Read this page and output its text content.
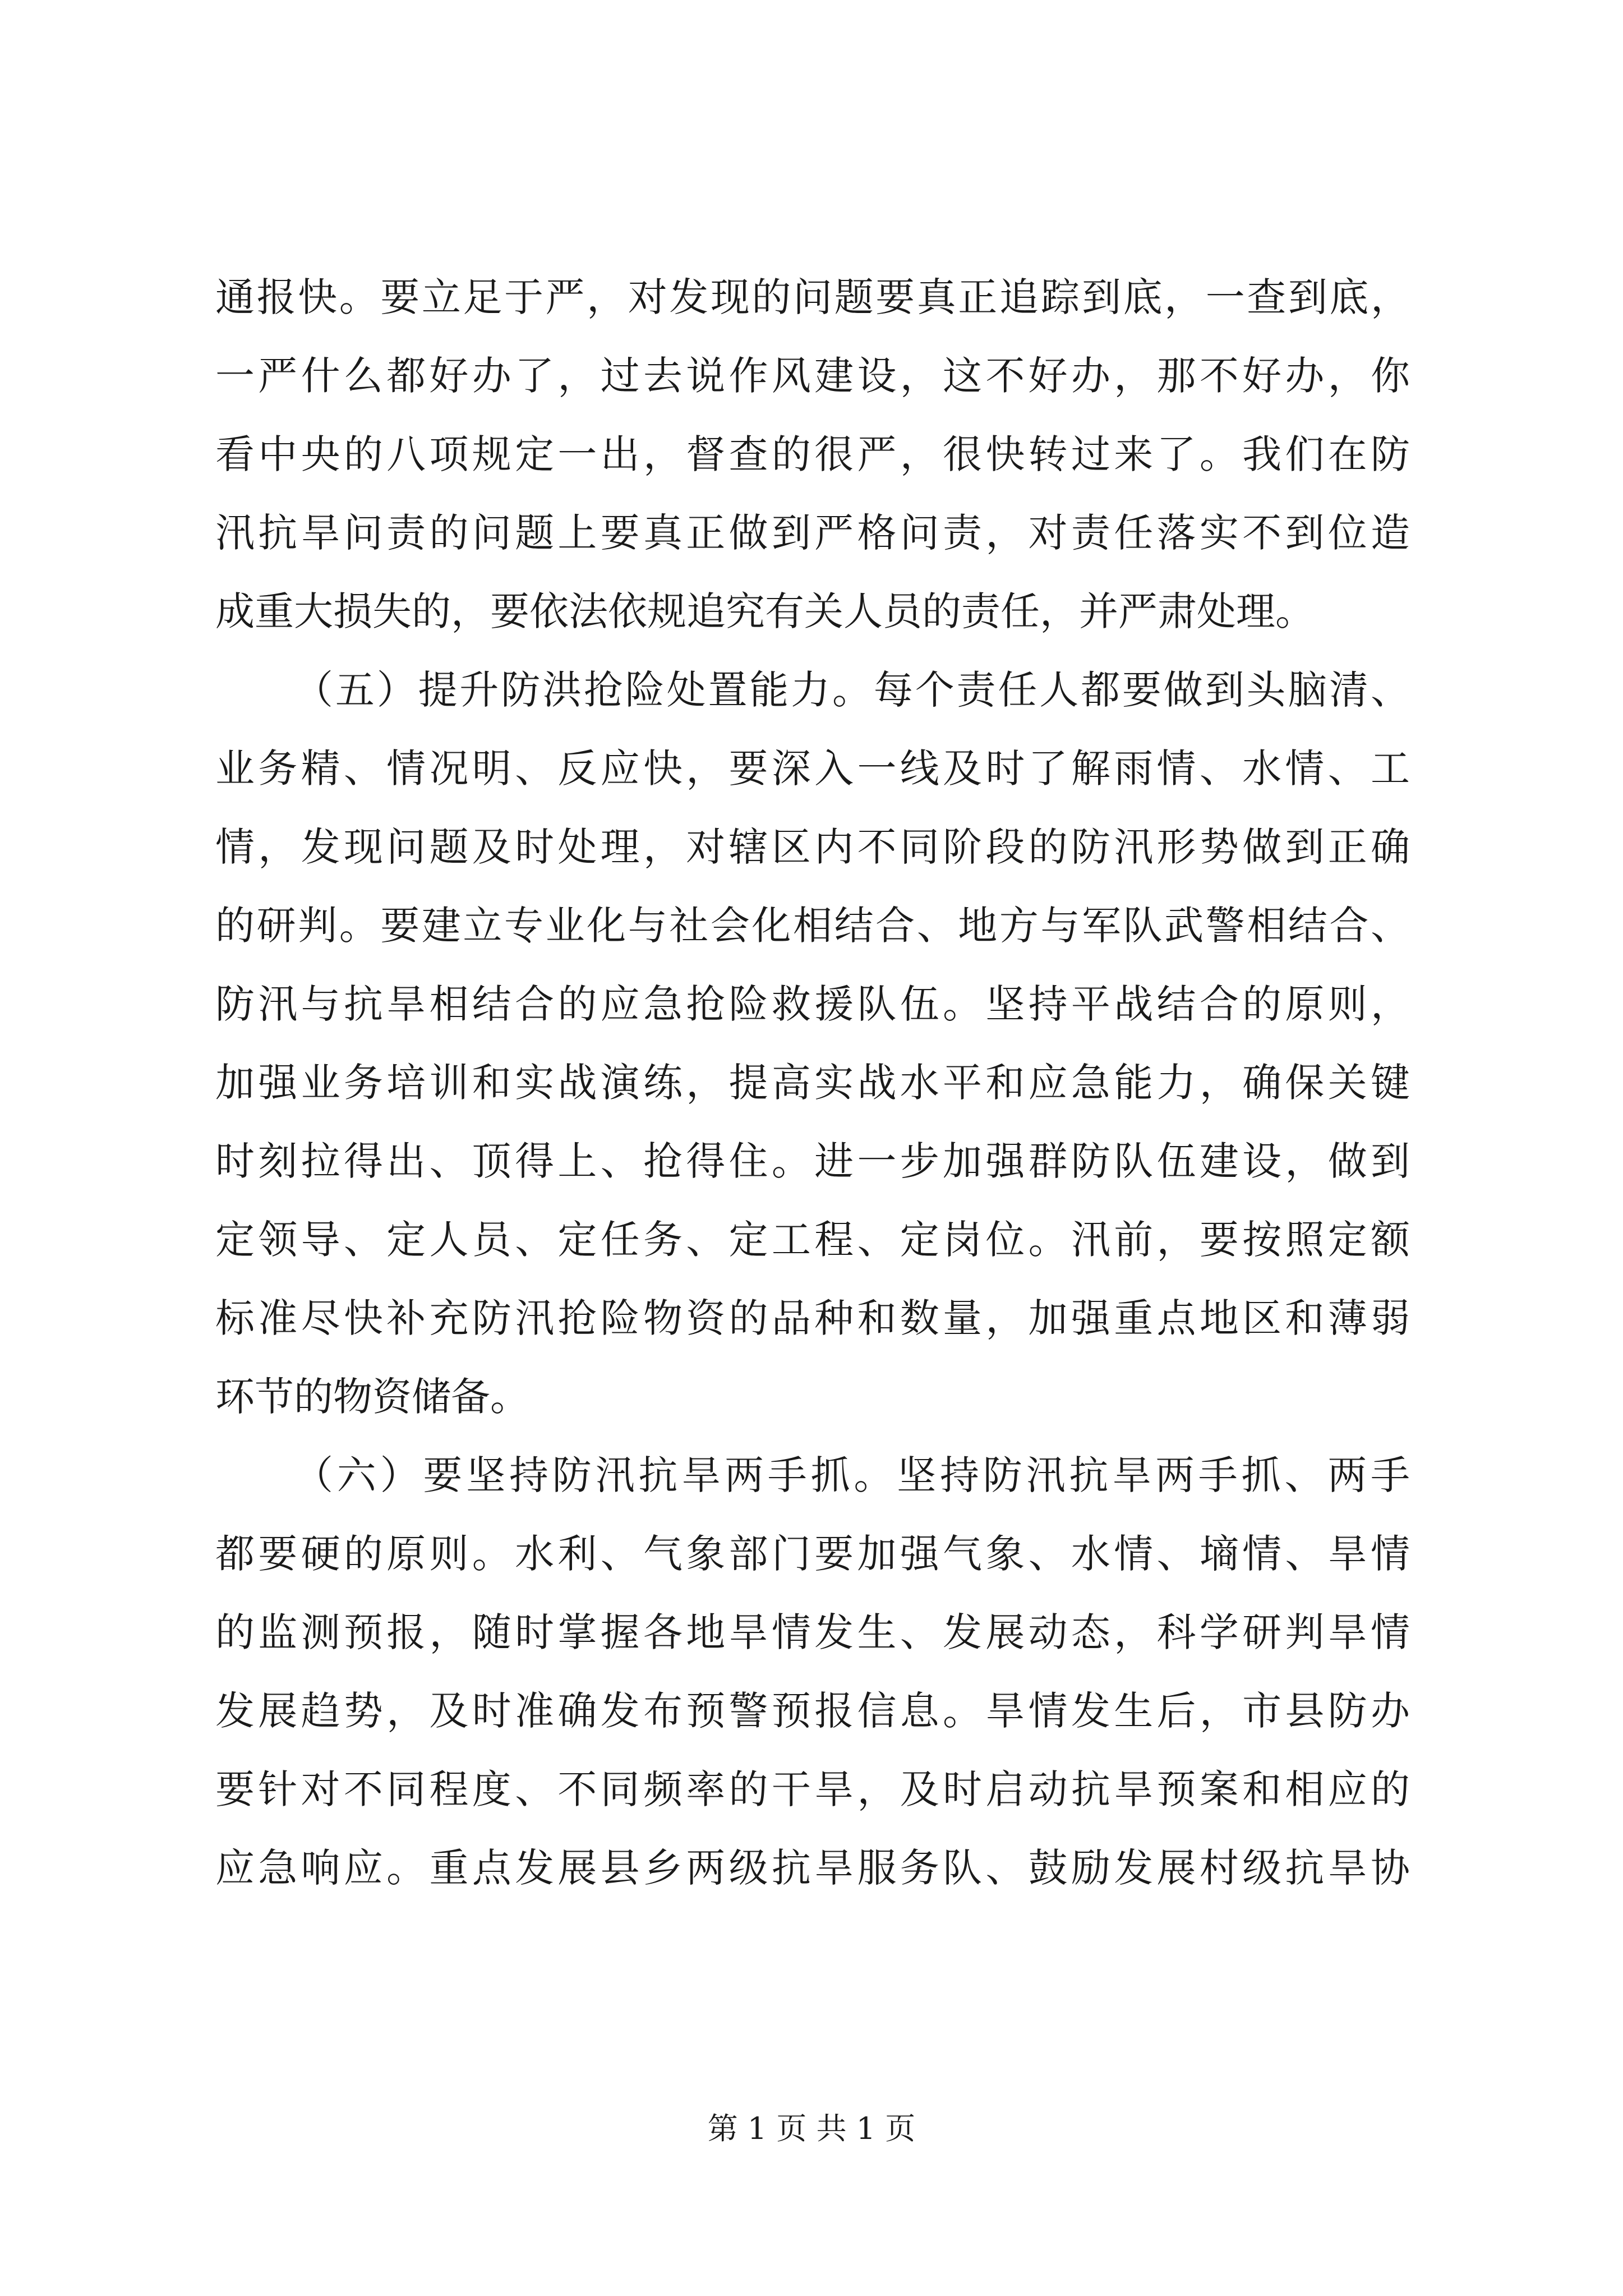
通报快。要立足于严，对发现的问题要真正追踪到底，一查到底，
一严什么都好办了，过去说作风建设，这不好办，那不好办，你
看中央的八项规定一出，督查的很严，很快转过来了。我们在防
汛抗旱问责的问题上要真正做到严格问责，对责任落实不到位造
成重大损失的，要依法依规追究有关人员的责任，并严肃处理。
（五）提升防洪抢险处置能力。每个责任人都要做到头脑清、
业务精、情况明、反应快，要深入一线及时了解雨情、水情、工
情，发现问题及时处理，对辖区内不同阶段的防汛形势做到正确
的研判。要建立专业化与社会化相结合、地方与军队武警相结合、
防汛与抗旱相结合的应急抢险救援队伍。坚持平战结合的原则，
加强业务培训和实战演练，提高实战水平和应急能力，确保关键
时刻拉得出、顶得上、抢得住。进一步加强群防队伍建设，做到
定领导、定人员、定任务、定工程、定岗位。汛前，要按照定额
标准尽快补充防汛抢险物资的品种和数量，加强重点地区和薄弱
环节的物资储备。
（六）要坚持防汛抗旱两手抓。坚持防汛抗旱两手抓、两手
都要硬的原则。水利、气象部门要加强气象、水情、墒情、旱情
的监测预报，随时掌握各地旱情发生、发展动态，科学研判旱情
发展趋势，及时准确发布预警预报信息。旱情发生后，市县防办
要针对不同程度、不同频率的干旱，及时启动抗旱预案和相应的
应急响应。重点发展县乡两级抗旱服务队、鼓励发展村级抗旱协
第 1 页 共 1 页
